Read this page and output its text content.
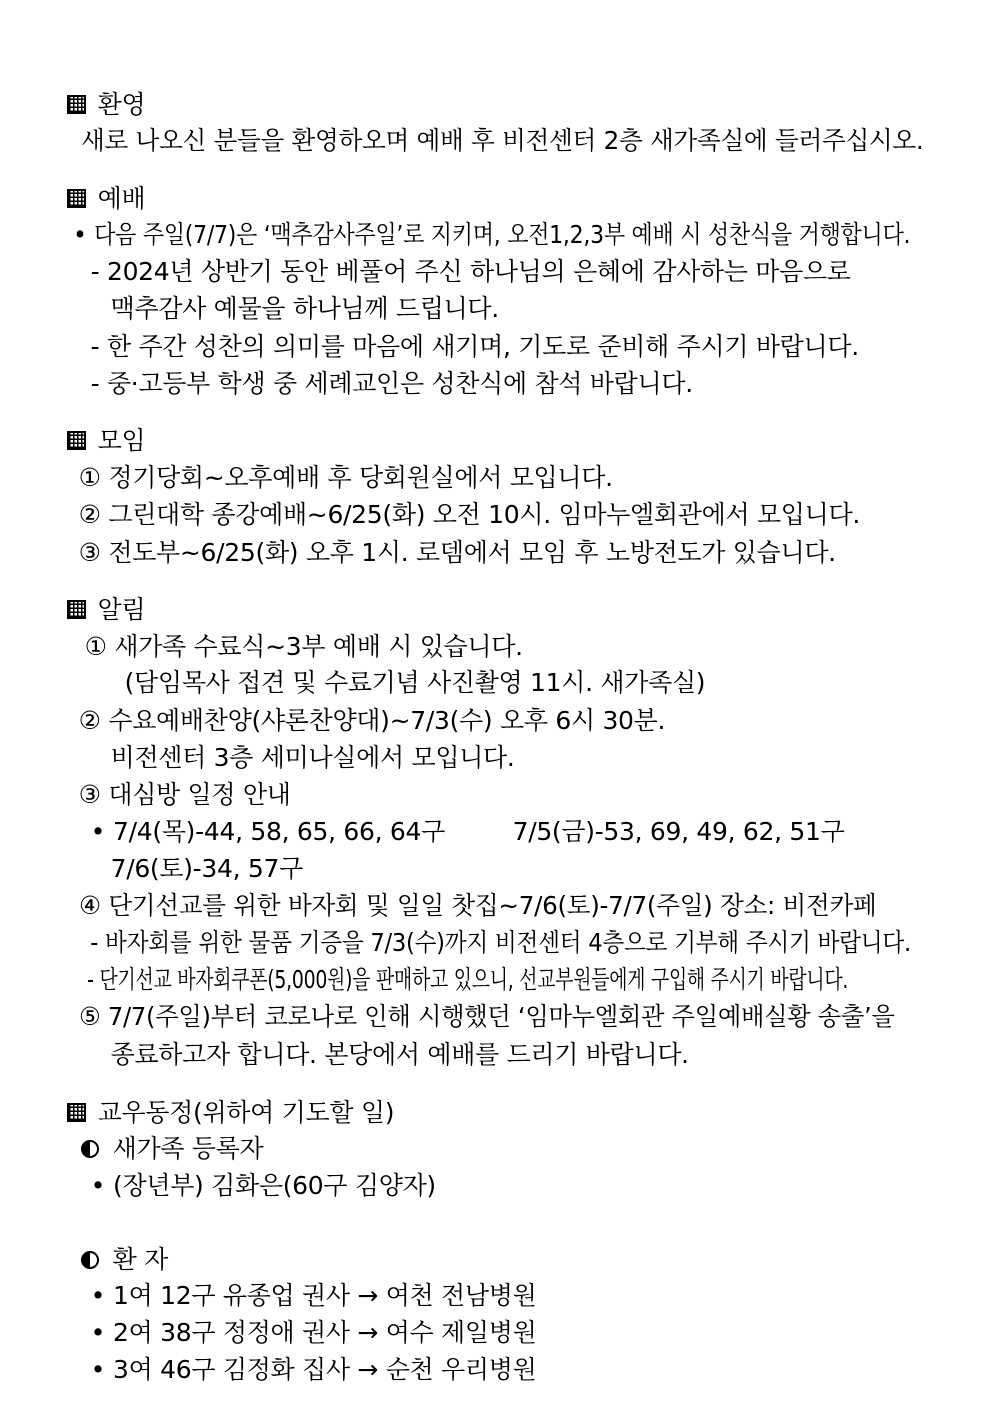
환영

새로 나오신 분들을 환영하오며 예배 후 비전센터 2층 새가족실에 들러주십시오.

예배

• 다음 주일(7/7)은 ‘맥추감사주일’로 지키며, 오전1,2,3부 예배 시 성찬식을 거행합니다.

- 2024년 상반기 동안 베풀어 주신 하나님의 은혜에 감사하는 마음으로

맥추감사 예물을 하나님께 드립니다.

- 한 주간 성찬의 의미를 마음에 새기며, 기도로 준비해 주시기 바랍니다.

- 중·고등부 학생 중 세례교인은 성찬식에 참석 바랍니다.

모임

① 정기당회~오후예배 후 당회원실에서 모입니다.

② 그린대학 종강예배~6/25(화) 오전 10시. 임마누엘회관에서 모입니다.

③ 전도부~6/25(화) 오후 1시. 로뎀에서 모임 후 노방전도가 있습니다.

알림

① 새가족 수료식~3부 예배 시 있습니다.

(담임목사 접견 및 수료기념 사진촬영 11시. 새가족실)

② 수요예배찬양(샤론찬양대)~7/3(수) 오후 6시 30분.

비전센터 3층 세미나실에서 모입니다.

③ 대심방 일정 안내

• 7/4(목)-44, 58, 65, 66, 64구
	7/5(금)-53, 69, 49, 62, 51구

7/6(토)-34, 57구

④ 단기선교를 위한 바자회 및 일일 찻집~7/6(토)-7/7(주일) 장소: 비전카페

- 바자회를 위한 물품 기증을 7/3(수)까지 비전센터 4층으로 기부해 주시기 바랍니다.

- 단기선교 바자회쿠폰(5,000원)을 판매하고 있으니, 선교부원들에게 구입해 주시기 바랍니다.

⑤ 7/7(주일)부터 코로나로 인해 시행했던 ‘임마누엘회관 주일예배실황 송출’을

종료하고자 합니다. 본당에서 예배를 드리기 바랍니다.

교우동정(위하여 기도할 일)

새가족 등록자

• (장년부) 김화은(60구 김양자)

환 자

• 1여 12구 유종업 권사 → 여천 전남병원

• 2여 38구 정정애 권사 → 여수 제일병원

• 3여 46구 김정화 집사 → 순천 우리병원
